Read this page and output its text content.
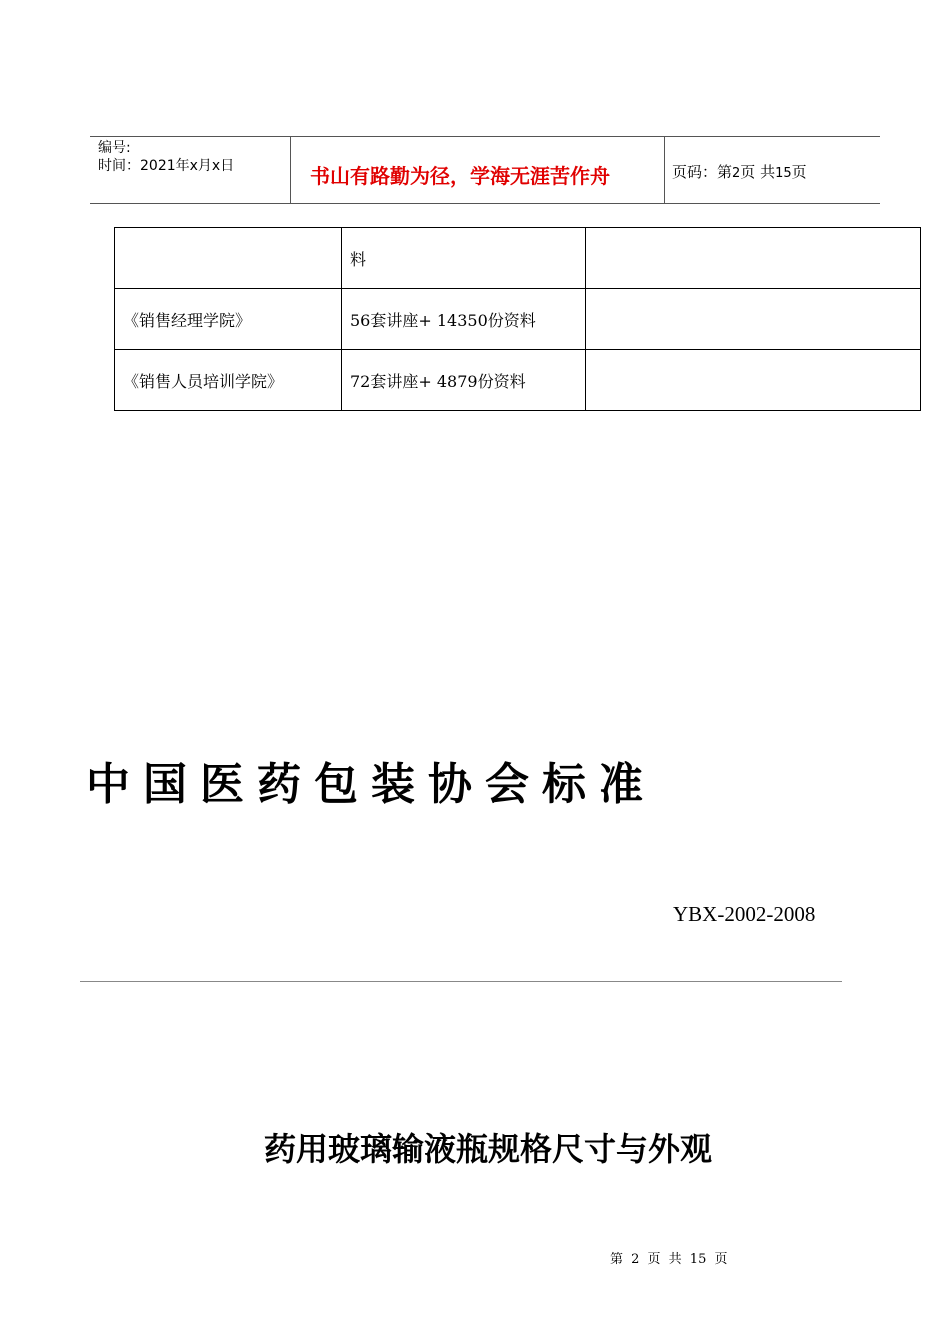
编号:
时间：2021年x月x日	书山有路勤为径，学海无涯苦作舟	页码：第2页 共15页
	料	
《销售经理学院》	56套讲座+ 14350份资料	
《销售人员培训学院》	72套讲座+ 4879份资料	
中国医药包装协会标准
YBX-2002-2008
药用玻璃输液瓶规格尺寸与外观
第 2 页 共 15 页
